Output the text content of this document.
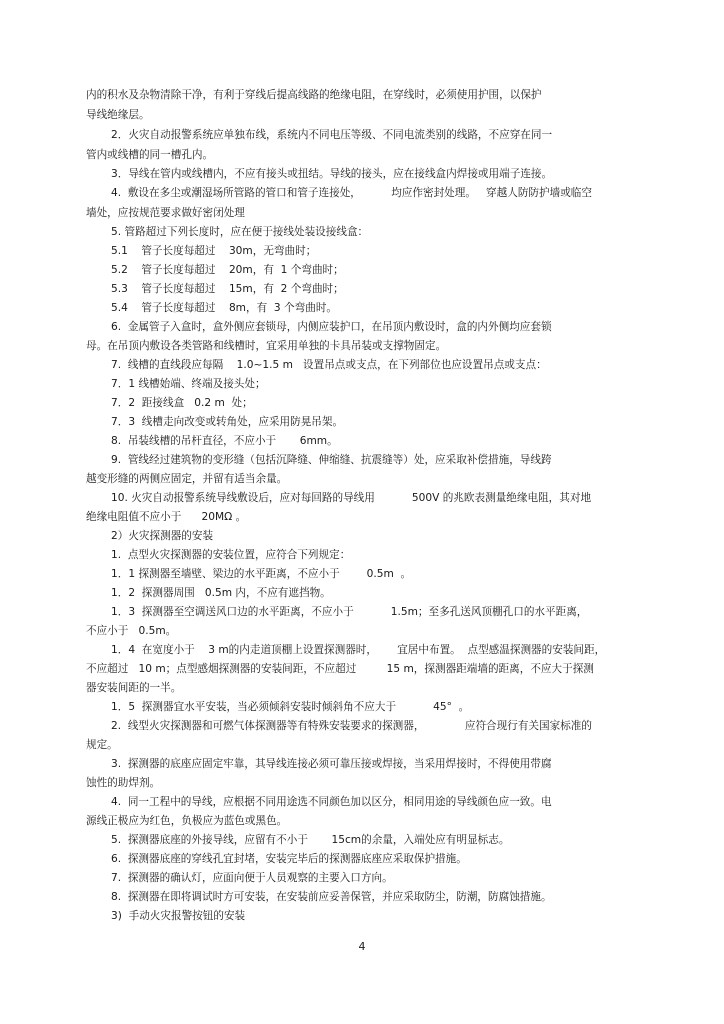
内的积水及杂物清除干净，有利于穿线后提高线路的绝缘电阻，在穿线时，必须使用护围，以保护
导线绝缘层。
2．火灾自动报警系统应单独布线，系统内不同电压等级、不同电流类别的线路，不应穿在同一
管内或线槽的同一槽孔内。
3．导线在管内或线槽内，不应有接头或扭结。导线的接头，应在接线盒内焊接或用端子连接。
4.  敷设在多尘或潮湿场所管路的管口和管子连接处，         均应作密封处理。   穿越人防防护墙或临空
墙处，应按规范要求做好密闭处理
5. 管路超过下列长度时，应在便于接线处装设接线盒：
5.1    管子长度每超过    30m，无弯曲时；
5.2    管子长度每超过    20m，有  1 个弯曲时；
5.3    管子长度每超过    15m，有  2 个弯曲时；
5.4    管子长度每超过    8m，有  3 个弯曲时。
6.  金属管子入盒时，盒外侧应套锁母，内侧应装护口，在吊顶内敷设时，盒的内外侧均应套锁
母。在吊顶内敷设各类管路和线槽时，宜采用单独的卡具吊装或支撑物固定。
7.  线槽的直线段应每隔    1.0~1.5 m   设置吊点或支点，在下列部位也应设置吊点或支点：
7．1 线槽始端、终端及接头处；
7．2  距接线盒   0.2 m  处；
7．3  线槽走向改变或转角处，应采用防晃吊架。
8.  吊装线槽的吊杆直径，不应小于       6mm。
9.  管线经过建筑物的变形缝（包括沉降缝、伸缩缝、抗震缝等）处，应采取补偿措施，导线跨
越变形缝的两侧应固定，并留有适当余量。
10. 火灾自动报警系统导线敷设后，应对每回路的导线用           500V 的兆欧表测量绝缘电阻，其对地
绝缘电阻值不应小于      20MΩ 。
2）火灾探测器的安装
1.  点型火灾探测器的安装位置，应符合下列规定：
1．1 探测器至墙壁、梁边的水平距离，不应小于        0.5m  。
1．2  探测器周围   0.5m 内，不应有遮挡物。
1．3  探测器至空调送风口边的水平距离，不应小于           1.5m；至多孔送风顶棚孔口的水平距离，
不应小于   0.5m。
1．4  在宽度小于    3 m的内走道顶棚上设置探测器时，      宜居中布置。  点型感温探测器的安装间距，
不应超过   10 m；点型感烟探测器的安装间距，不应超过         15 m，探测器距端墙的距离，不应大于探测
器安装间距的一半。
1．5  探测器宜水平安装，当必须倾斜安装时倾斜角不应大于           45°  。
2.  线型火灾探测器和可燃气体探测器等有特殊安装要求的探测器，            应符合现行有关国家标准的
规定。
3.  探测器的底座应固定牢靠，其导线连接必须可靠压接或焊接，当采用焊接时，不得使用带腐
蚀性的助焊剂。
4.  同一工程中的导线，应根据不同用途选不同颜色加以区分，相同用途的导线颜色应一致。电
源线正极应为红色，负极应为蓝色或黑色。
5.  探测器底座的外接导线，应留有不小于       15cm的余量，入端处应有明显标志。
6.  探测器底座的穿线孔宜封堵，安装完毕后的探测器底座应采取保护措施。
7.  探测器的确认灯，应面向便于人员观察的主要入口方向。
8.  探测器在即将调试时方可安装，在安装前应妥善保管，并应采取防尘，防潮，防腐蚀措施。
3)  手动火灾报警按钮的安装
4
